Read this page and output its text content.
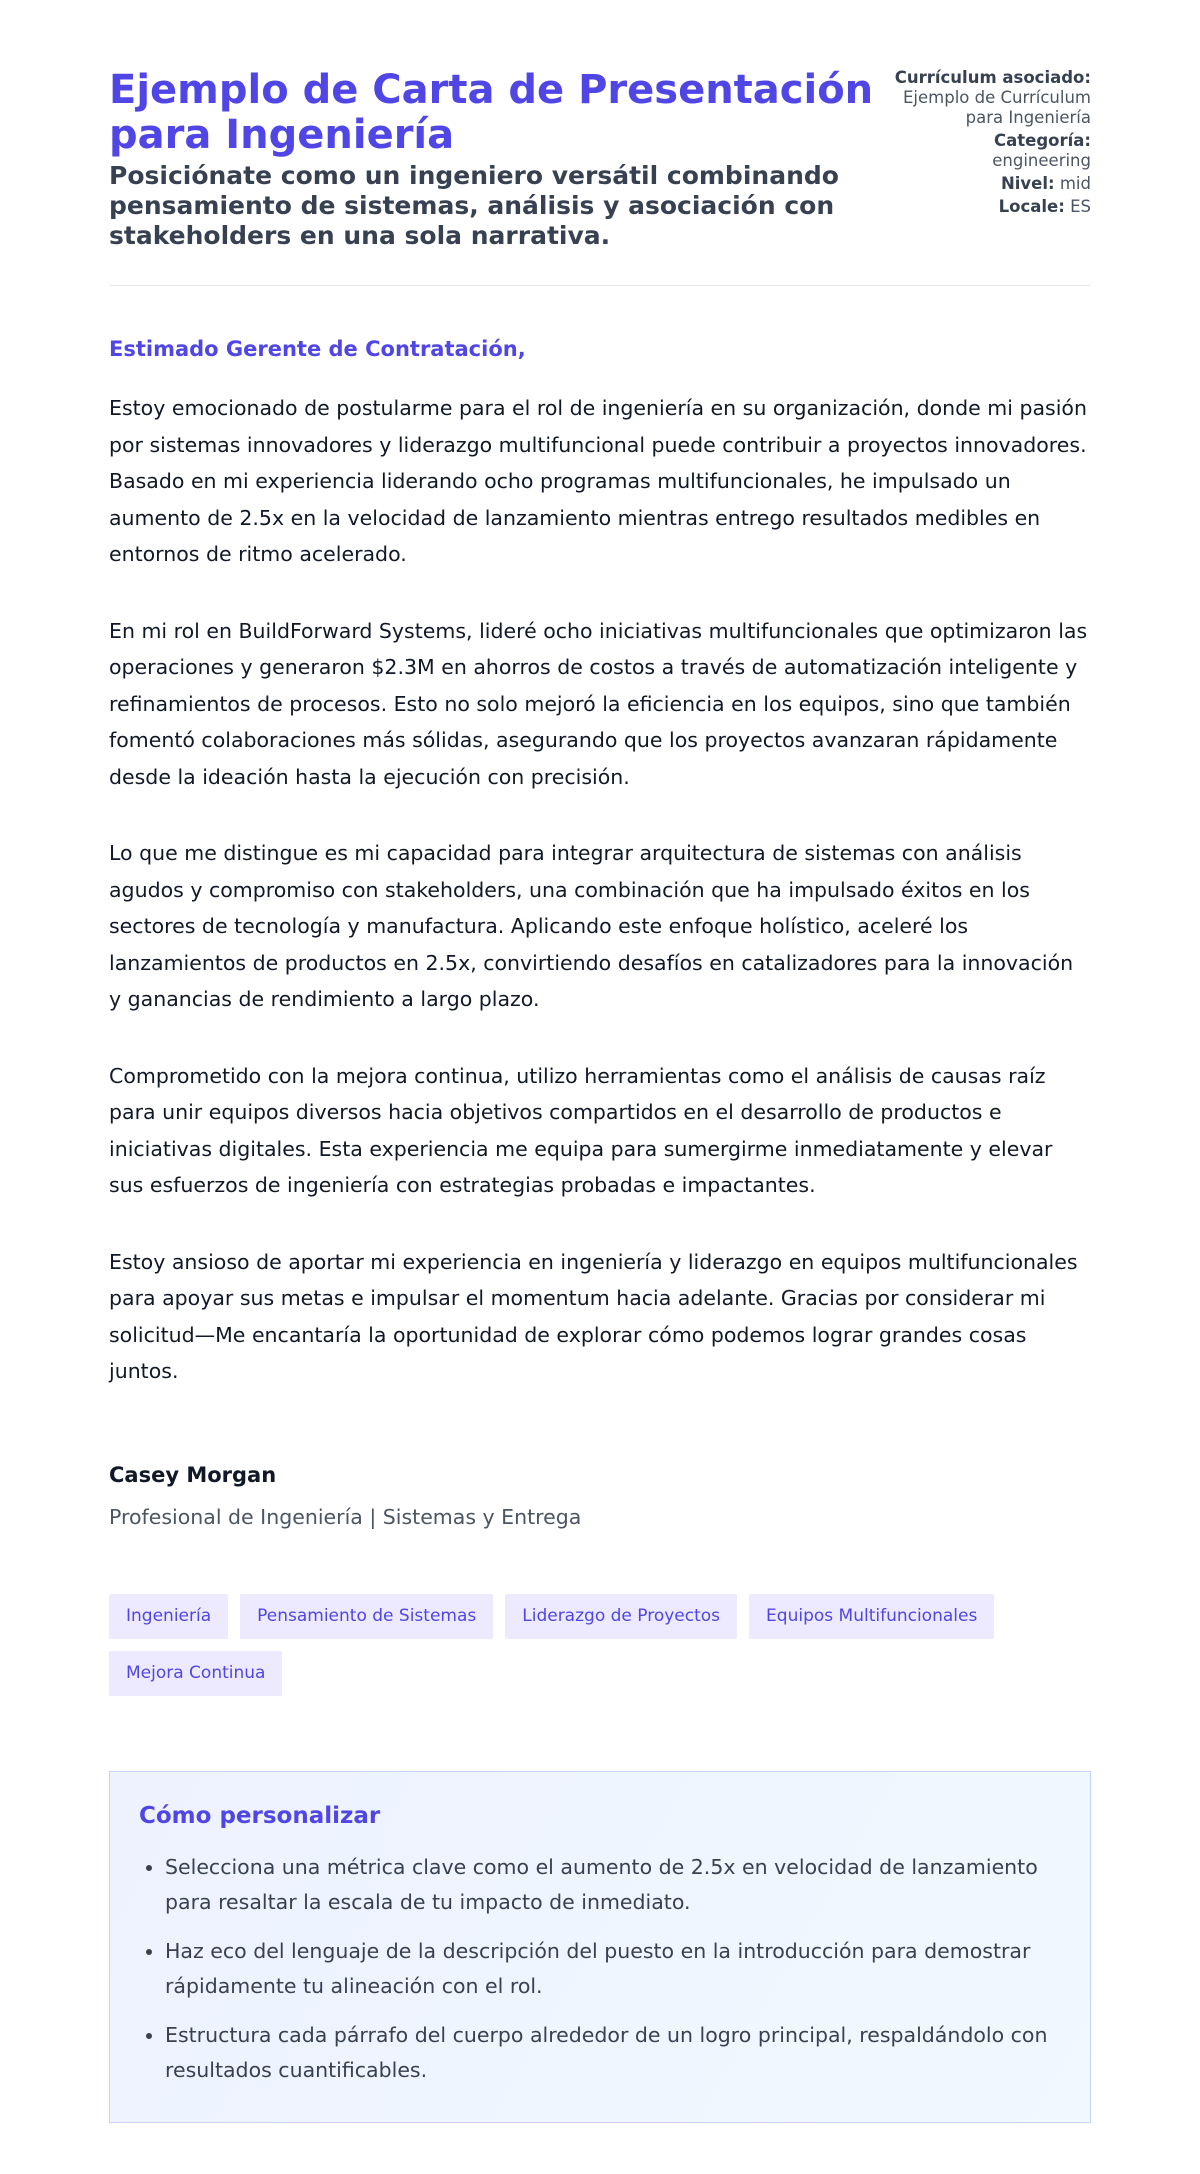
Ejemplo de Carta de Presentación para Ingeniería
Posiciónate como un ingeniero versátil combinando pensamiento de sistemas, análisis y asociación con stakeholders en una sola narrativa.
Currículum asociado: Ejemplo de Currículum para Ingeniería
Categoría:
engineering
Nivel: mid
Locale: ES

Estimado Gerente de Contratación,

Estoy emocionado de postularme para el rol de ingeniería en su organización, donde mi pasión por sistemas innovadores y liderazgo multifuncional puede contribuir a proyectos innovadores. Basado en mi experiencia liderando ocho programas multifuncionales, he impulsado un aumento de 2.5x en la velocidad de lanzamiento mientras entrego resultados medibles en entornos de ritmo acelerado.

En mi rol en BuildForward Systems, lideré ocho iniciativas multifuncionales que optimizaron las operaciones y generaron $2.3M en ahorros de costos a través de automatización inteligente y refinamientos de procesos. Esto no solo mejoró la eficiencia en los equipos, sino que también fomentó colaboraciones más sólidas, asegurando que los proyectos avanzaran rápidamente desde la ideación hasta la ejecución con precisión.

Lo que me distingue es mi capacidad para integrar arquitectura de sistemas con análisis agudos y compromiso con stakeholders, una combinación que ha impulsado éxitos en los sectores de tecnología y manufactura. Aplicando este enfoque holístico, aceleré los lanzamientos de productos en 2.5x, convirtiendo desafíos en catalizadores para la innovación y ganancias de rendimiento a largo plazo.

Comprometido con la mejora continua, utilizo herramientas como el análisis de causas raíz para unir equipos diversos hacia objetivos compartidos en el desarrollo de productos e iniciativas digitales. Esta experiencia me equipa para sumergirme inmediatamente y elevar sus esfuerzos de ingeniería con estrategias probadas e impactantes.

Estoy ansioso de aportar mi experiencia en ingeniería y liderazgo en equipos multifuncionales para apoyar sus metas e impulsar el momentum hacia adelante. Gracias por considerar mi solicitud—Me encantaría la oportunidad de explorar cómo podemos lograr grandes cosas juntos.

Casey Morgan

Profesional de Ingeniería | Sistemas y Entrega

Ingeniería	Pensamiento de Sistemas	Liderazgo de Proyectos	Equipos Multifuncionales
Mejora Continua
Cómo personalizar
• Selecciona una métrica clave como el aumento de 2.5x en velocidad de lanzamiento para resaltar la escala de tu impacto de inmediato.
• Haz eco del lenguaje de la descripción del puesto en la introducción para demostrar rápidamente tu alineación con el rol.
• Estructura cada párrafo del cuerpo alrededor de un logro principal, respaldándolo con resultados cuantificables.
